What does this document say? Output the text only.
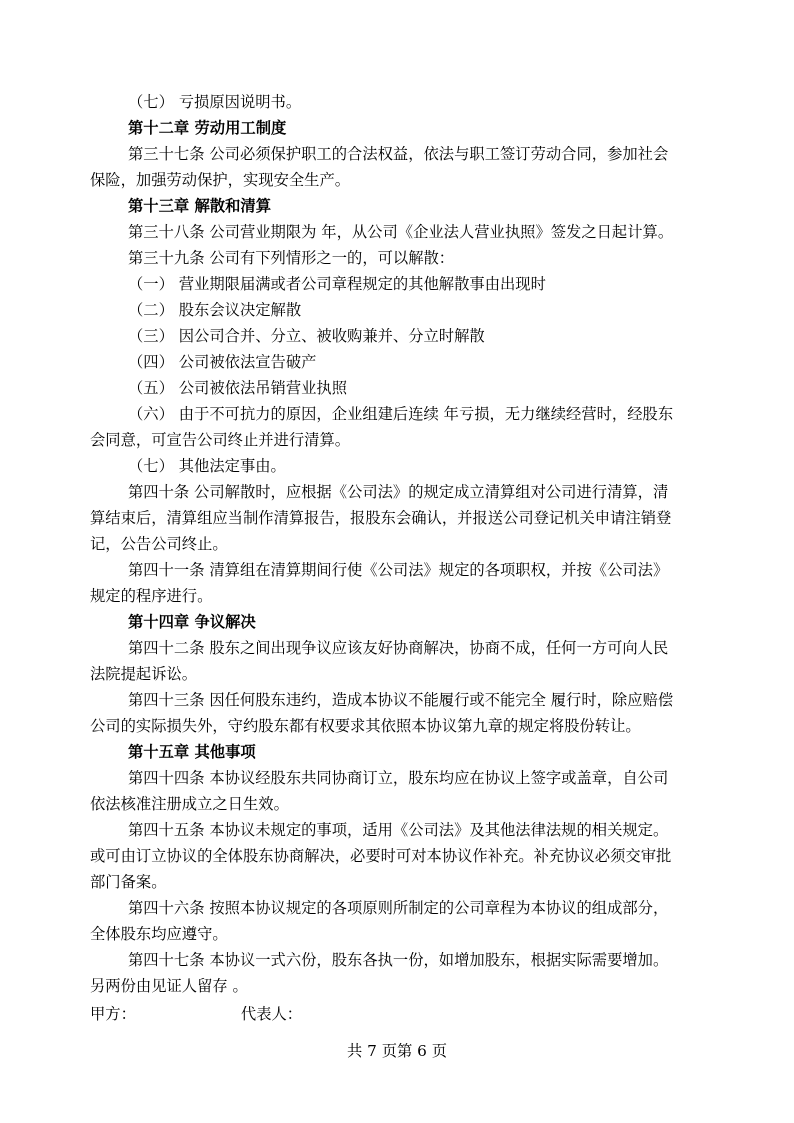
（七） 亏损原因说明书。

第十二章 劳动用工制度

第三十七条 公司必须保护职工的合法权益，依法与职工签订劳动合同，参加社会

保险，加强劳动保护，实现安全生产。

第十三章 解散和清算

第三十八条 公司营业期限为 年，从公司《企业法人营业执照》签发之日起计算。

第三十九条 公司有下列情形之一的，可以解散：

（一） 营业期限届满或者公司章程规定的其他解散事由出现时

（二） 股东会议决定解散

（三） 因公司合并、分立、被收购兼并、分立时解散

（四） 公司被依法宣告破产

（五） 公司被依法吊销营业执照

（六） 由于不可抗力的原因，企业组建后连续 年亏损，无力继续经营时，经股东

会同意，可宣告公司终止并进行清算。

（七） 其他法定事由。

第四十条 公司解散时，应根据《公司法》的规定成立清算组对公司进行清算，清

算结束后，清算组应当制作清算报告，报股东会确认，并报送公司登记机关申请注销登

记，公告公司终止。

第四十一条 清算组在清算期间行使《公司法》规定的各项职权，并按《公司法》

规定的程序进行。

第十四章 争议解决

第四十二条 股东之间出现争议应该友好协商解决，协商不成，任何一方可向人民

法院提起诉讼。

第四十三条 因任何股东违约，造成本协议不能履行或不能完全 履行时，除应赔偿

公司的实际损失外，守约股东都有权要求其依照本协议第九章的规定将股份转让。

第十五章 其他事项

第四十四条 本协议经股东共同协商订立，股东均应在协议上签字或盖章，自公司

依法核准注册成立之日生效。

第四十五条 本协议未规定的事项，适用《公司法》及其他法律法规的相关规定。

或可由订立协议的全体股东协商解决，必要时可对本协议作补充。补充协议必须交审批

部门备案。

第四十六条 按照本协议规定的各项原则所制定的公司章程为本协议的组成部分，

全体股东均应遵守。

第四十七条 本协议一式六份，股东各执一份，如增加股东，根据实际需要增加。

另两份由见证人留存 。

甲方：	代表人：

共 7 页第 6 页
